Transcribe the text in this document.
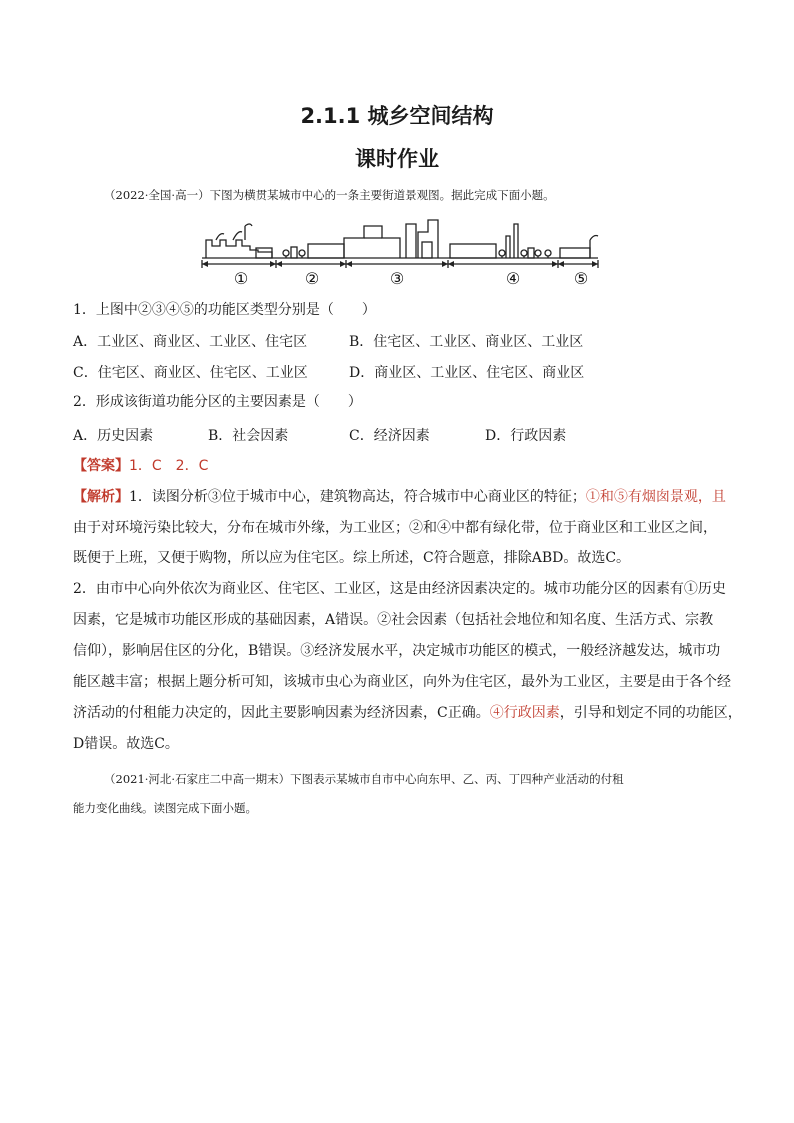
2.1.1 城乡空间结构
课时作业
（2022·全国·高一）下图为横贯某城市中心的一条主要街道景观图。据此完成下面小题。
①	②	③	④	⑤
1．上图中②③④⑤的功能区类型分别是（　　）
A．工业区、商业区、工业区、住宅区	B．住宅区、工业区、商业区、工业区
C．住宅区、商业区、住宅区、工业区	D．商业区、工业区、住宅区、商业区
2．形成该街道功能分区的主要因素是（　　）
A．历史因素	B．社会因素	C．经济因素	D．行政因素
【答案】1．C　2．C
【解析】1．读图分析③位于城市中心，建筑物高达，符合城市中心商业区的特征；①和⑤有烟囱景观，且
由于对环境污染比较大，分布在城市外缘，为工业区；②和④中都有绿化带，位于商业区和工业区之间，
既便于上班，又便于购物，所以应为住宅区。综上所述，C符合题意，排除ABD。故选C。
2．由市中心向外依次为商业区、住宅区、工业区，这是由经济因素决定的。城市功能分区的因素有①历史
因素，它是城市功能区形成的基础因素，A错误。②社会因素（包括社会地位和知名度、生活方式、宗教
信仰），影响居住区的分化，B错误。③经济发展水平，决定城市功能区的模式，一般经济越发达，城市功
能区越丰富；根据上题分析可知，该城市虫心为商业区，向外为住宅区，最外为工业区，主要是由于各个经
济活动的付租能力决定的，因此主要影响因素为经济因素，C正确。④行政因素，引导和划定不同的功能区，
D错误。故选C。
（2021·河北·石家庄二中高一期末）下图表示某城市自市中心向东甲、乙、丙、丁四种产业活动的付租
能力变化曲线。读图完成下面小题。
